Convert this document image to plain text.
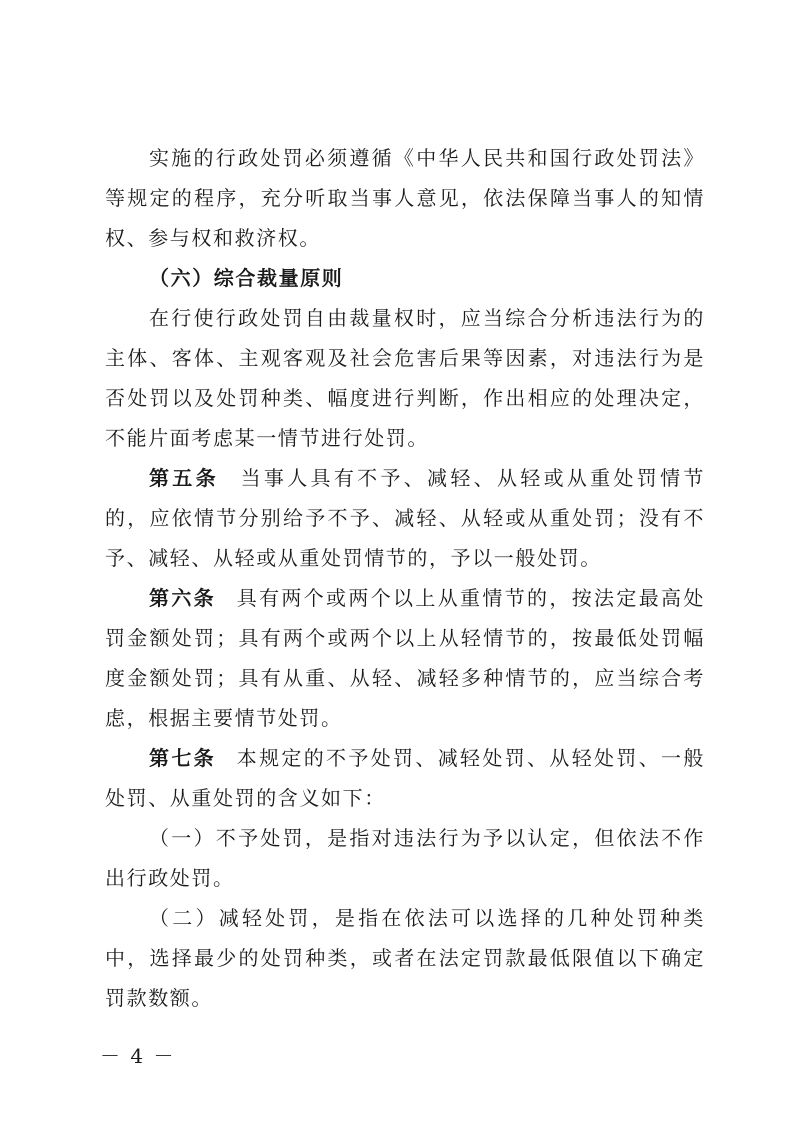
实施的行政处罚必须遵循《中华人民共和国行政处罚法》等规定的程序，充分听取当事人意见，依法保障当事人的知情权、参与权和救济权。

（六）综合裁量原则

在行使行政处罚自由裁量权时，应当综合分析违法行为的主体、客体、主观客观及社会危害后果等因素，对违法行为是否处罚以及处罚种类、幅度进行判断，作出相应的处理决定，不能片面考虑某一情节进行处罚。

第五条 当事人具有不予、减轻、从轻或从重处罚情节的，应依情节分别给予不予、减轻、从轻或从重处罚；没有不予、减轻、从轻或从重处罚情节的，予以一般处罚。

第六条 具有两个或两个以上从重情节的，按法定最高处罚金额处罚；具有两个或两个以上从轻情节的，按最低处罚幅度金额处罚；具有从重、从轻、减轻多种情节的，应当综合考虑，根据主要情节处罚。

第七条 本规定的不予处罚、减轻处罚、从轻处罚、一般处罚、从重处罚的含义如下：

（一）不予处罚，是指对违法行为予以认定，但依法不作出行政处罚。

（二）减轻处罚，是指在依法可以选择的几种处罚种类中，选择最少的处罚种类，或者在法定罚款最低限值以下确定罚款数额。

－ 4 －
